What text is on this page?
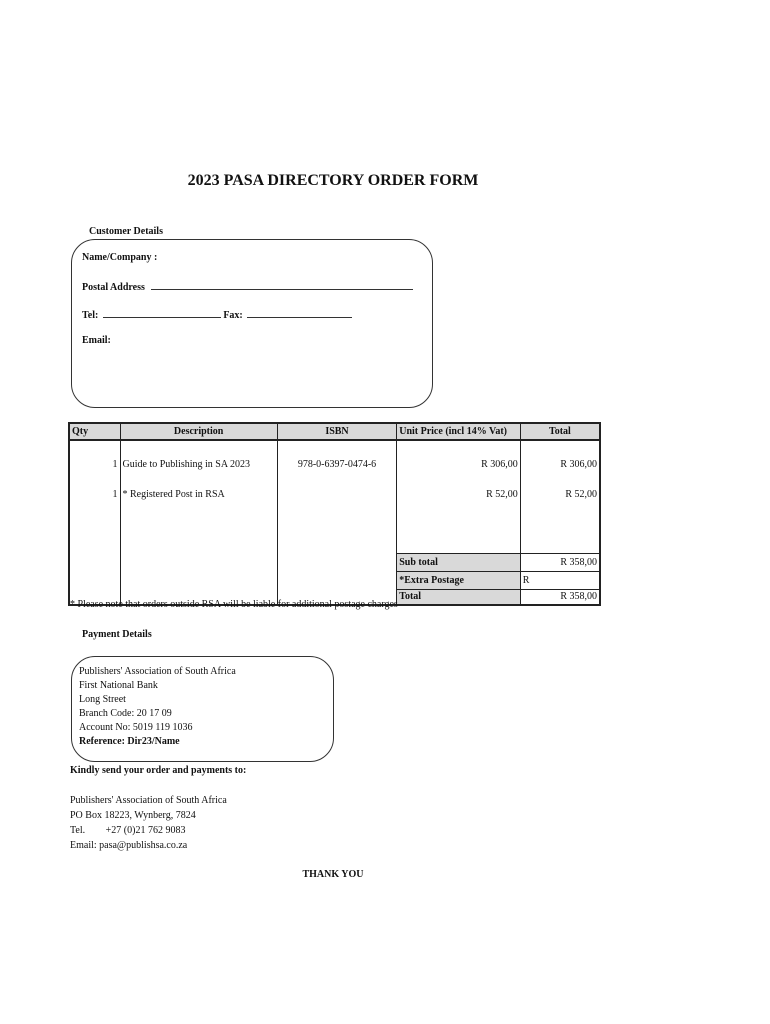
2023 PASA DIRECTORY ORDER FORM
Customer Details
Name/Company :
Postal Address
Tel:	Fax:
Email:
Qty	Description	ISBN	Unit Price (incl 14% Vat)	Total
1	Guide to Publishing in SA 2023	978-0-6397-0474-6	R 306,00	R 306,00
1	* Registered Post in RSA		R 52,00	R 52,00

			Sub total	R 358,00
			*Extra Postage	R
			Total	R 358,00
* Please note that orders outside RSA will be liable for additional postage charges
Payment Details
Publishers' Association of South Africa
First National Bank
Long Street
Branch Code: 20 17 09
Account No: 5019 119 1036
Reference: Dir23/Name
Kindly send your order and payments to:
Publishers' Association of South Africa
PO Box 18223, Wynberg, 7824
Tel. +27 (0)21 762 9083
Email: pasa@publishsa.co.za
THANK YOU
